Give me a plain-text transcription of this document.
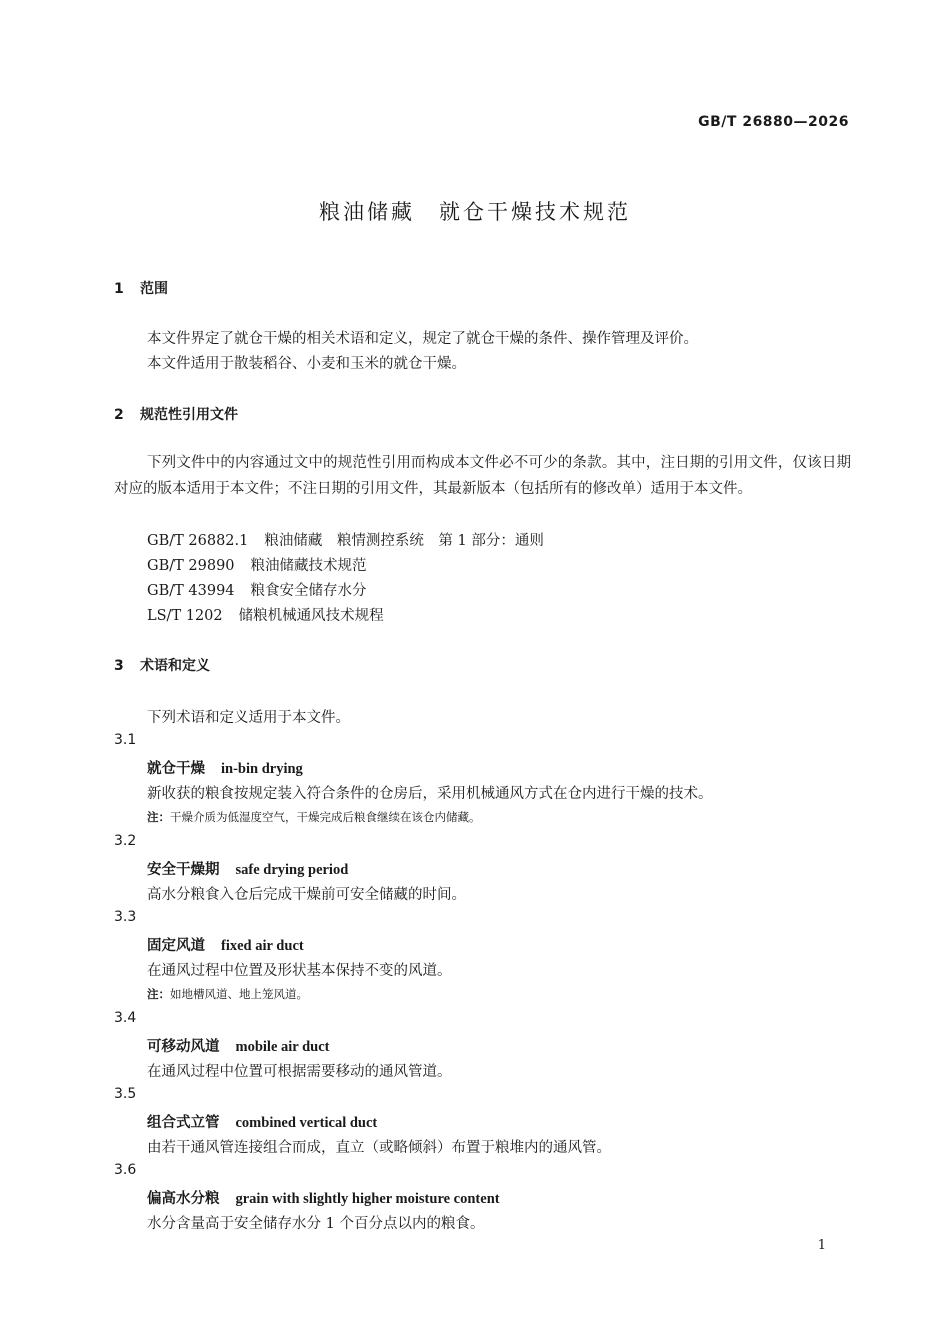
GB/T 26880—2026
粮油储藏　就仓干燥技术规范
1 范围
本文件界定了就仓干燥的相关术语和定义，规定了就仓干燥的条件、操作管理及评价。
本文件适用于散装稻谷、小麦和玉米的就仓干燥。
2 规范性引用文件
下列文件中的内容通过文中的规范性引用而构成本文件必不可少的条款。其中，注日期的引用文件，仅该日期对应的版本适用于本文件；不注日期的引用文件，其最新版本（包括所有的修改单）适用于本文件。
GB/T 26882.1 粮油储藏　粮情测控系统　第 1 部分：通则
GB/T 29890 粮油储藏技术规范
GB/T 43994 粮食安全储存水分
LS/T 1202 储粮机械通风技术规程
3 术语和定义
下列术语和定义适用于本文件。
3.1
就仓干燥 in-bin drying
新收获的粮食按规定装入符合条件的仓房后，采用机械通风方式在仓内进行干燥的技术。
注：干燥介质为低湿度空气，干燥完成后粮食继续在该仓内储藏。
3.2
安全干燥期 safe drying period
高水分粮食入仓后完成干燥前可安全储藏的时间。
3.3
固定风道 fixed air duct
在通风过程中位置及形状基本保持不变的风道。
注：如地槽风道、地上笼风道。
3.4
可移动风道 mobile air duct
在通风过程中位置可根据需要移动的通风管道。
3.5
组合式立管 combined vertical duct
由若干通风管连接组合而成，直立（或略倾斜）布置于粮堆内的通风管。
3.6
偏高水分粮 grain with slightly higher moisture content
水分含量高于安全储存水分 1 个百分点以内的粮食。
1
